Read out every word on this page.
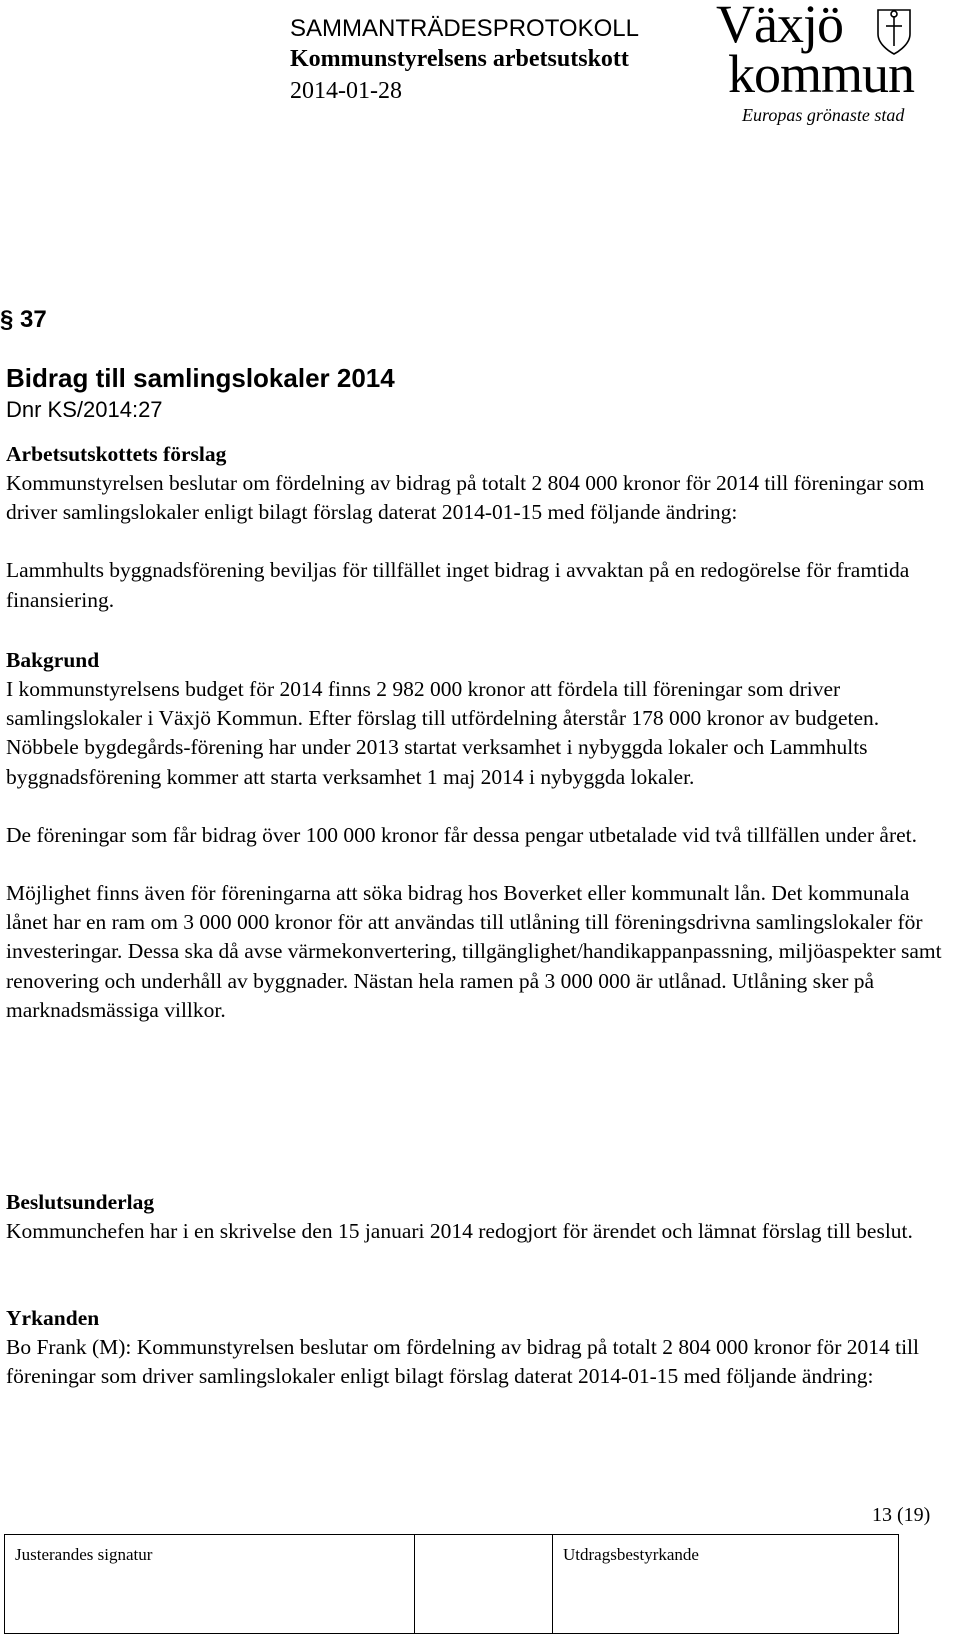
SAMMANTRÄDESPROTOKOLL
Kommunstyrelsens arbetsutskott
2014-01-28
Växjö
kommun
Europas grönaste stad
§ 37
Bidrag till samlingslokaler 2014
Dnr KS/2014:27

Arbetsutskottets förslag

Kommunstyrelsen beslutar om fördelning av bidrag på totalt 2 804 000 kronor för 2014 till föreningar som driver samlingslokaler enligt bilagt förslag daterat 2014-01-15 med följande ändring:

Lammhults byggnadsförening beviljas för tillfället inget bidrag i avvaktan på en redogörelse för framtida finansiering.

Bakgrund

I kommunstyrelsens budget för 2014 finns 2 982 000 kronor att fördela till föreningar som driver samlingslokaler i Växjö Kommun. Efter förslag till utfördelning återstår 178 000 kronor av budgeten. Nöbbele bygdegårds-förening har under 2013 startat verksamhet i nybyggda lokaler och Lammhults byggnadsförening kommer att starta verksamhet 1 maj 2014 i nybyggda lokaler.

De föreningar som får bidrag över 100 000 kronor får dessa pengar utbetalade vid två tillfällen under året.

Möjlighet finns även för föreningarna att söka bidrag hos Boverket eller kommunalt lån. Det kommunala lånet har en ram om 3 000 000 kronor för att användas till utlåning till föreningsdrivna samlingslokaler för investeringar. Dessa ska då avse värmekonvertering, tillgänglighet/handikappanpassning, miljöaspekter samt renovering och underhåll av byggnader. Nästan hela ramen på 3 000 000 är utlånad. Utlåning sker på marknadsmässiga villkor.

Beslutsunderlag

Kommunchefen har i en skrivelse den 15 januari 2014 redogjort för ärendet och lämnat förslag till beslut.

Yrkanden

Bo Frank (M): Kommunstyrelsen beslutar om fördelning av bidrag på totalt 2 804 000 kronor för 2014 till föreningar som driver samlingslokaler enligt bilagt förslag daterat 2014-01-15 med följande ändring:

13 (19)
Justerandes signatur	Utdragsbestyrkande
